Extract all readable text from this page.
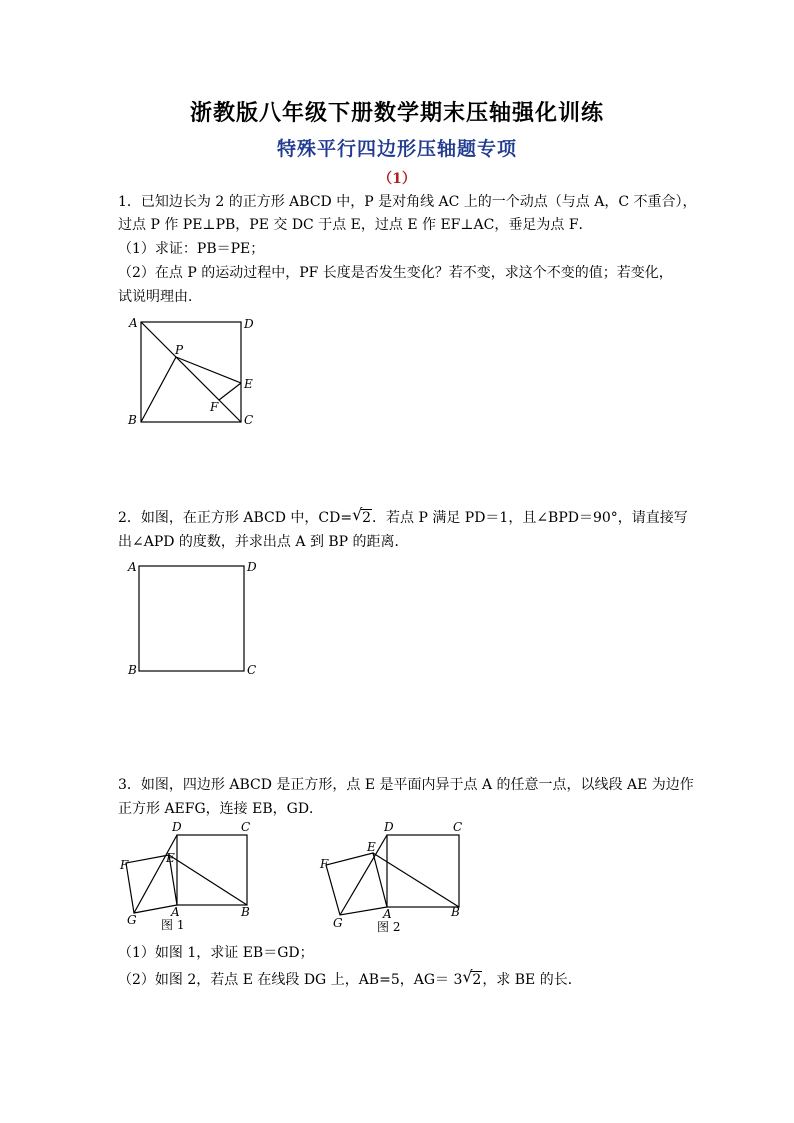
浙教版八年级下册数学期末压轴强化训练
特殊平行四边形压轴题专项
（1）
1．已知边长为 2 的正方形 ABCD 中，P 是对角线 AC 上的一个动点（与点 A，C 不重合），
过点 P 作 PE⊥PB，PE 交 DC 于点 E，过点 E 作 EF⊥AC，垂足为点 F．
（1）求证：PB＝PE；
（2）在点 P 的运动过程中，PF 长度是否发生变化？若不变，求这个不变的值；若变化，
试说明理由．
A	D
B	C
P
E
F
2．如图，在正方形 ABCD 中，CD= √ 2．若点 P 满足 PD＝1，且∠BPD＝90°，请直接写
出∠APD 的度数，并求出点 A 到 BP 的距离．
A	D
B	C
3．如图，四边形 ABCD 是正方形，点 E 是平面内异于点 A 的任意一点，以线段 AE 为边作
正方形 AEFG，连接 EB，GD．
D	C
E
F
G
A	B
图 1
D	C
E
F
G
A	B
图 2
（1）如图 1，求证 EB＝GD；
（2）如图 2，若点 E 在线段 DG 上，AB=5，AG＝ 3 √ 2，求 BE 的长．
